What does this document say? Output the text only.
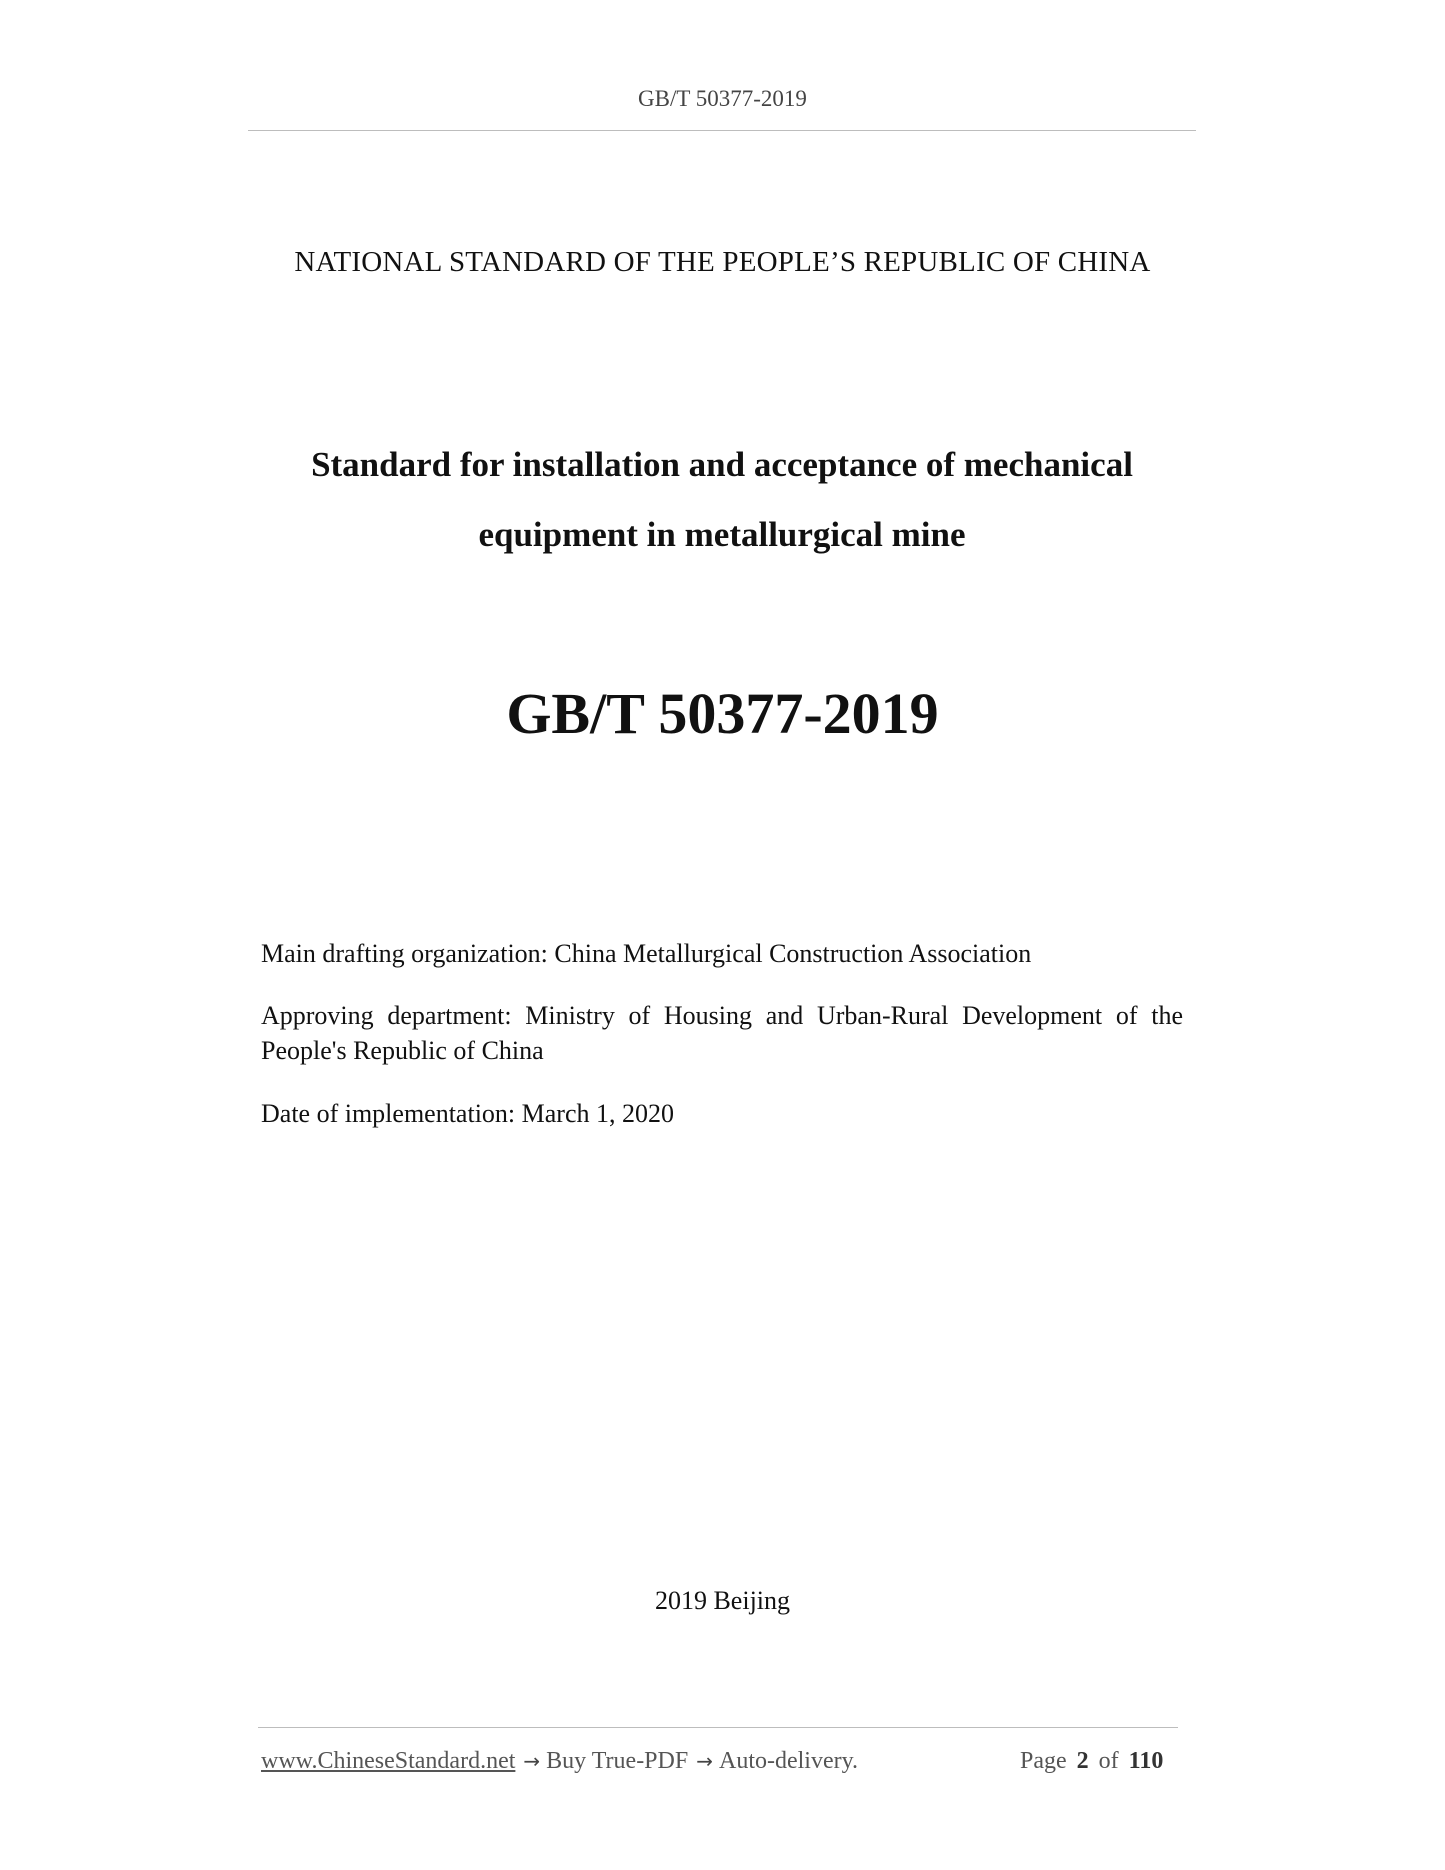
GB/T 50377-2019
NATIONAL STANDARD OF THE PEOPLE’S REPUBLIC OF CHINA
Standard for installation and acceptance of mechanical
equipment in metallurgical mine
GB/T 50377-2019
Main drafting organization: China Metallurgical Construction Association
Approving department: Ministry of Housing and Urban-Rural Development of the People's Republic of China
Date of implementation: March 1, 2020
2019 Beijing
www.ChineseStandard.net → Buy True-PDF → Auto-delivery.	Page 2 of 110
